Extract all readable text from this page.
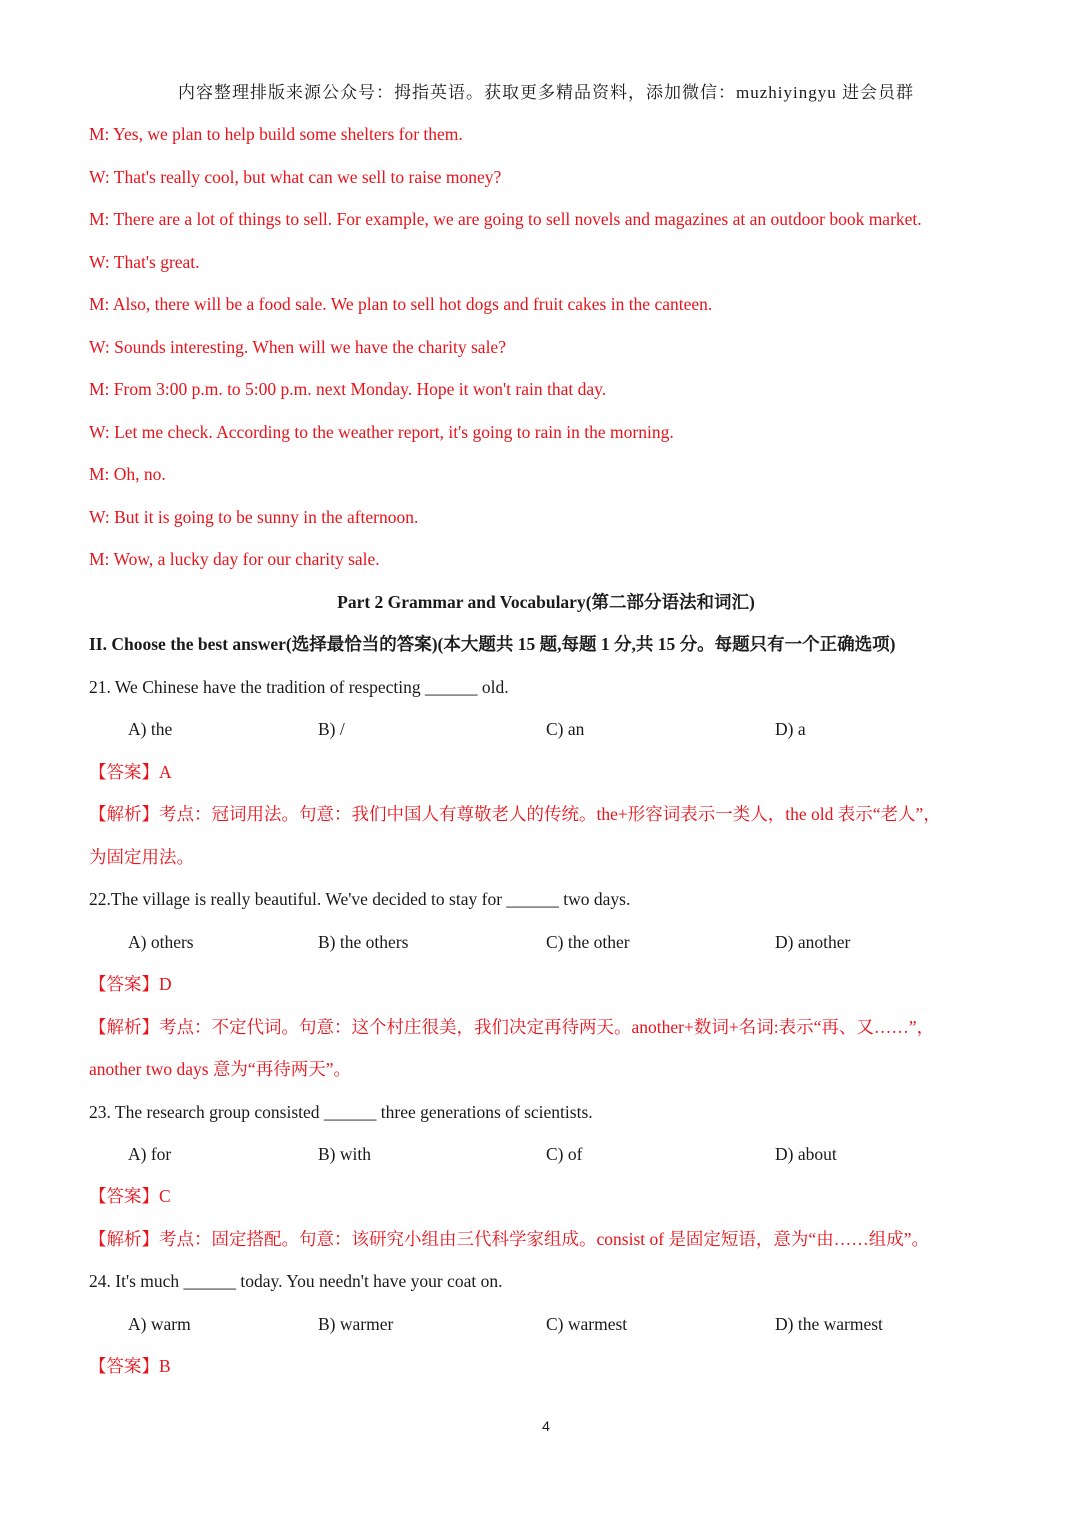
内容整理排版来源公众号：拇指英语。获取更多精品资料，添加微信：muzhiyingyu 进会员群
M: Yes, we plan to help build some shelters for them.
W: That's really cool, but what can we sell to raise money?
M: There are a lot of things to sell. For example, we are going to sell novels and magazines at an outdoor book market.
W: That's great.
M: Also, there will be a food sale. We plan to sell hot dogs and fruit cakes in the canteen.
W: Sounds interesting. When will we have the charity sale?
M: From 3:00 p.m. to 5:00 p.m. next Monday. Hope it won't rain that day.
W: Let me check. According to the weather report, it's going to rain in the morning.
M: Oh, no.
W: But it is going to be sunny in the afternoon.
M: Wow, a lucky day for our charity sale.
Part 2 Grammar and Vocabulary(第二部分语法和词汇)
II. Choose the best answer(选择最恰当的答案)(本大题共 15 题,每题 1 分,共 15 分。每题只有一个正确选项)
21. We Chinese have the tradition of respecting ______ old.
A) the	B) /	C) an	D) a
【答案】A
【解析】考点：冠词用法。句意：我们中国人有尊敬老人的传统。the+形容词表示一类人，the old 表示“老人”，
为固定用法。
22.The village is really beautiful. We've decided to stay for ______ two days.
A) others	B) the others	C) the other	D) another
【答案】D
【解析】考点：不定代词。句意：这个村庄很美，我们决定再待两天。another+数词+名词:表示“再、又……”，
another two days 意为“再待两天”。
23. The research group consisted ______ three generations of scientists.
A) for	B) with	C) of	D) about
【答案】C
【解析】考点：固定搭配。句意：该研究小组由三代科学家组成。consist of 是固定短语，意为“由……组成”。
24. It's much ______ today. You needn't have your coat on.
A) warm	B) warmer	C) warmest	D) the warmest
【答案】B
4
